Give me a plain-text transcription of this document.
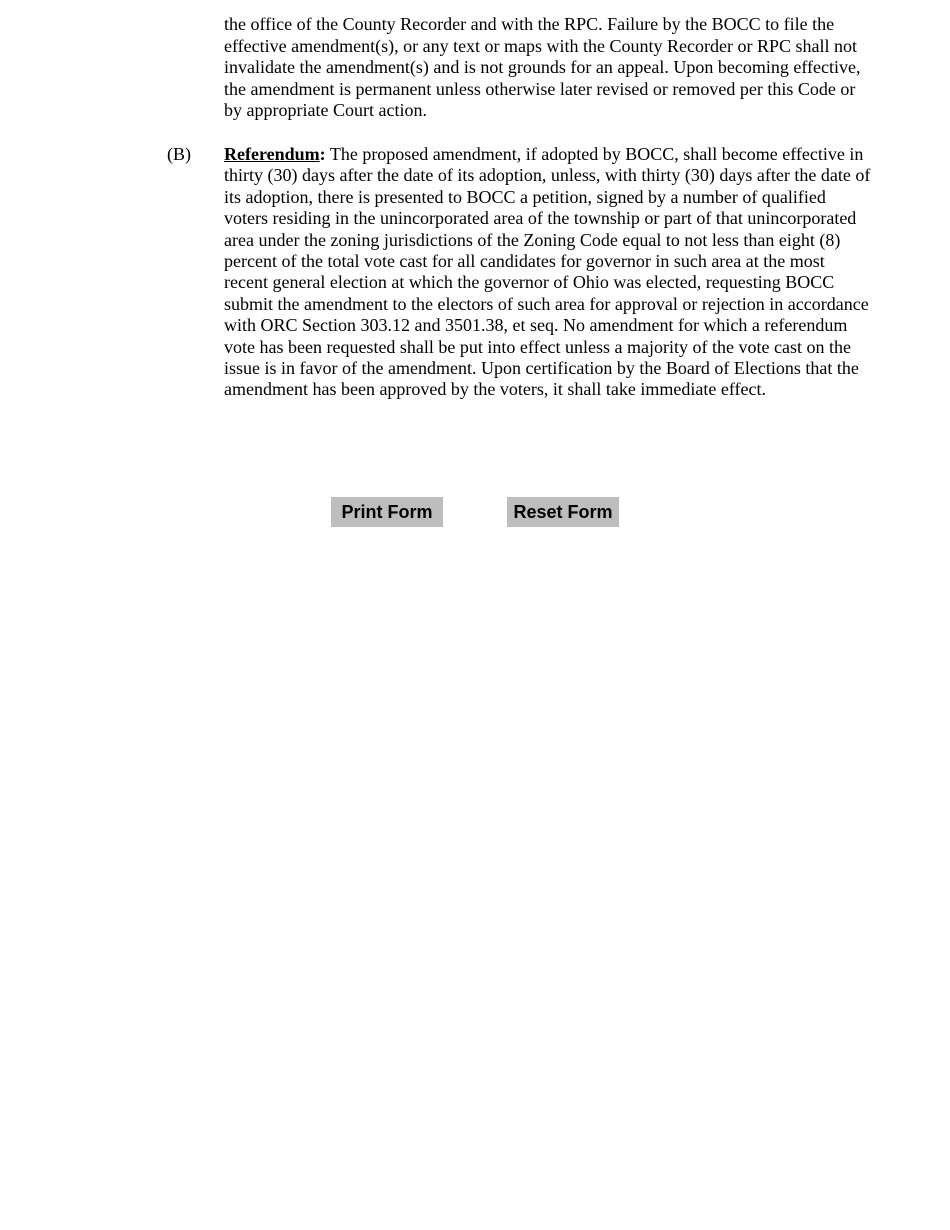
the office of the County Recorder and with the RPC. Failure by the BOCC to file the
effective amendment(s), or any text or maps with the County Recorder or RPC shall not
invalidate the amendment(s) and is not grounds for an appeal. Upon becoming effective,
the amendment is permanent unless otherwise later revised or removed per this Code or
by appropriate Court action.
(B) Referendum: The proposed amendment, if adopted by BOCC, shall become effective in
thirty (30) days after the date of its adoption, unless, with thirty (30) days after the date of
its adoption, there is presented to BOCC a petition, signed by a number of qualified
voters residing in the unincorporated area of the township or part of that unincorporated
area under the zoning jurisdictions of the Zoning Code equal to not less than eight (8)
percent of the total vote cast for all candidates for governor in such area at the most
recent general election at which the governor of Ohio was elected, requesting BOCC
submit the amendment to the electors of such area for approval or rejection in accordance
with ORC Section 303.12 and 3501.38, et seq. No amendment for which a referendum
vote has been requested shall be put into effect unless a majority of the vote cast on the
issue is in favor of the amendment. Upon certification by the Board of Elections that the
amendment has been approved by the voters, it shall take immediate effect.
Print Form	Reset Form
